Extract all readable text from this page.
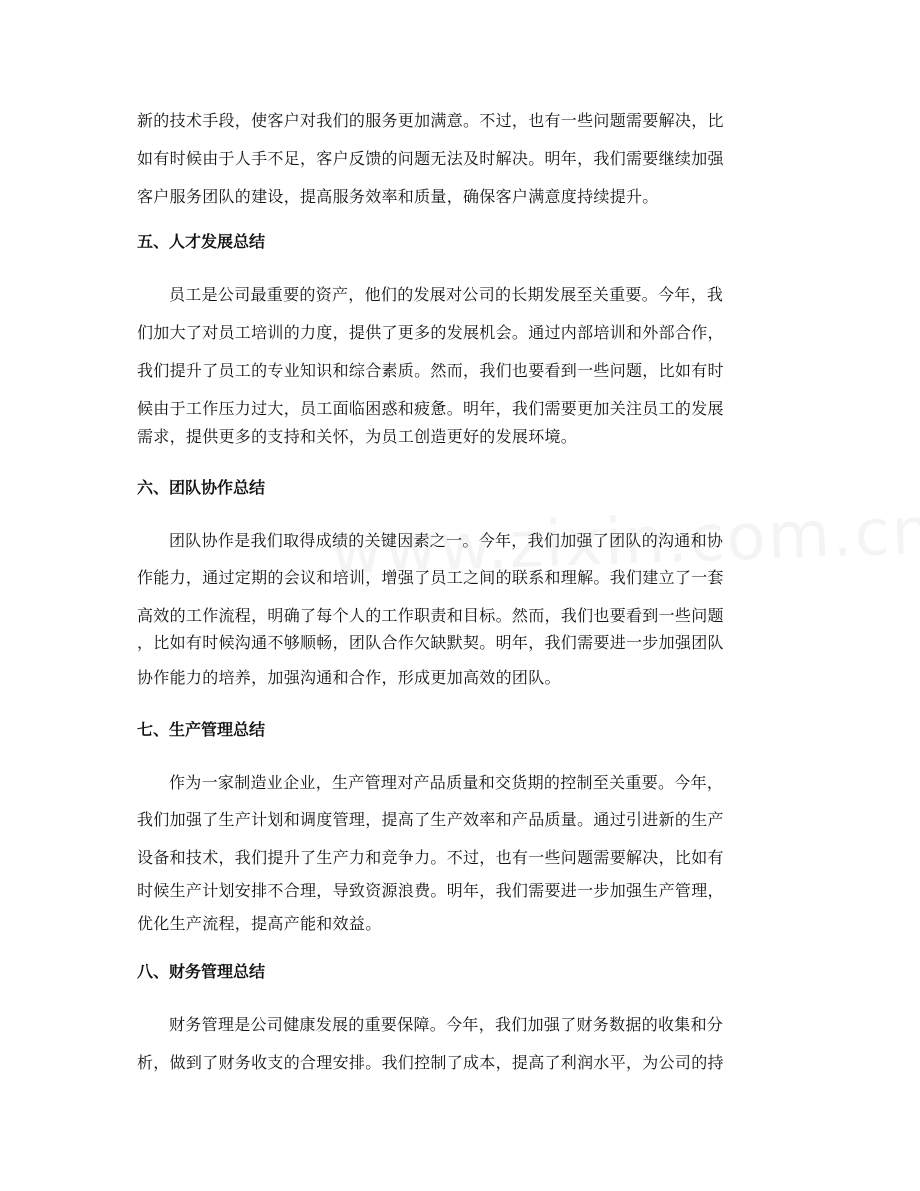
新的技术手段，使客户对我们的服务更加满意。不过，也有一些问题需要解决，比
如有时候由于人手不足，客户反馈的问题无法及时解决。明年，我们需要继续加强
客户服务团队的建设，提高服务效率和质量，确保客户满意度持续提升。
五、人才发展总结
员工是公司最重要的资产，他们的发展对公司的长期发展至关重要。今年，我
们加大了对员工培训的力度，提供了更多的发展机会。通过内部培训和外部合作，
我们提升了员工的专业知识和综合素质。然而，我们也要看到一些问题，比如有时
候由于工作压力过大，员工面临困惑和疲惫。明年，我们需要更加关注员工的发展
需求，提供更多的支持和关怀，为员工创造更好的发展环境。
六、团队协作总结
团队协作是我们取得成绩的关键因素之一。今年，我们加强了团队的沟通和协
作能力，通过定期的会议和培训，增强了员工之间的联系和理解。我们建立了一套
高效的工作流程，明确了每个人的工作职责和目标。然而，我们也要看到一些问题
，比如有时候沟通不够顺畅，团队合作欠缺默契。明年，我们需要进一步加强团队
协作能力的培养，加强沟通和合作，形成更加高效的团队。
七、生产管理总结
作为一家制造业企业，生产管理对产品质量和交货期的控制至关重要。今年，
我们加强了生产计划和调度管理，提高了生产效率和产品质量。通过引进新的生产
设备和技术，我们提升了生产力和竞争力。不过，也有一些问题需要解决，比如有
时候生产计划安排不合理，导致资源浪费。明年，我们需要进一步加强生产管理，
优化生产流程，提高产能和效益。
八、财务管理总结
财务管理是公司健康发展的重要保障。今年，我们加强了财务数据的收集和分
析，做到了财务收支的合理安排。我们控制了成本，提高了利润水平，为公司的持
